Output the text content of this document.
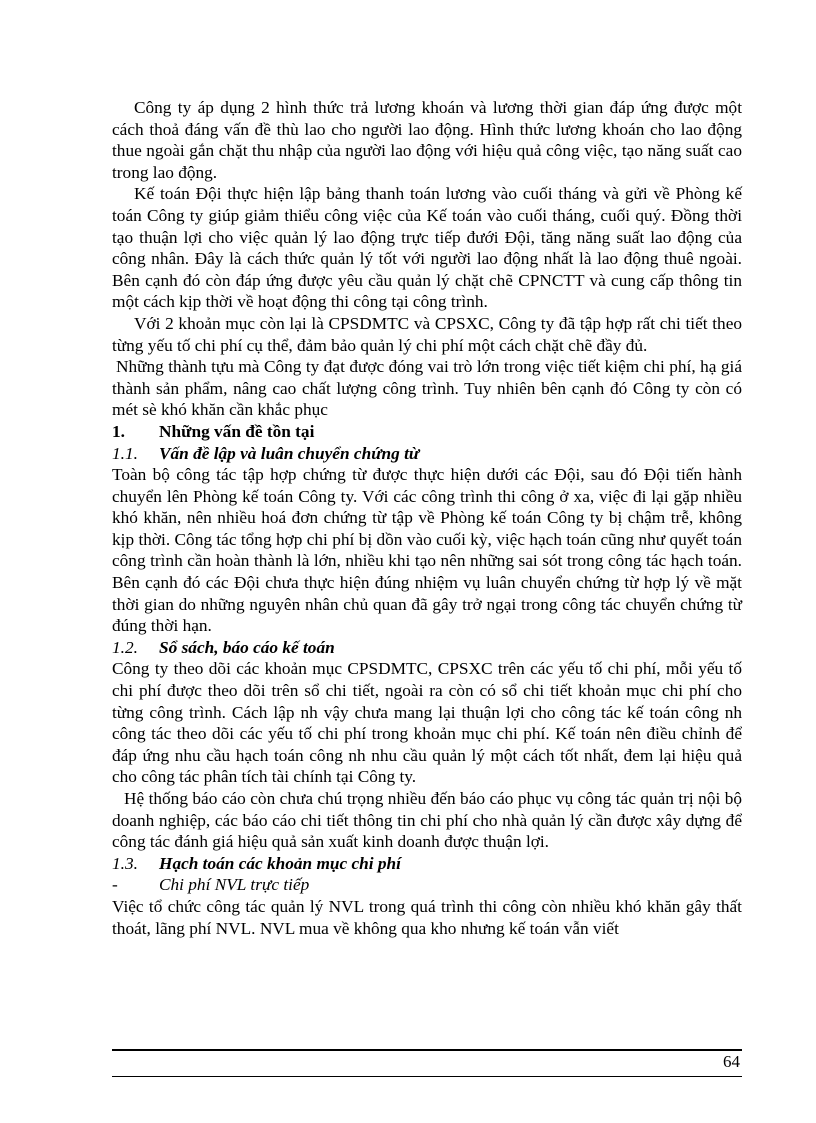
Công ty áp dụng 2 hình thức trả lương khoán và lương thời gian đáp ứng được một cách thoả đáng vấn đề thù lao cho người lao động. Hình thức lương khoán cho lao động thue ngoài gắn chặt thu nhập của người lao động với hiệu quả công việc, tạo năng suất cao trong lao động.

Kế toán Đội thực hiện lập bảng thanh toán lương vào cuối tháng và gửi về Phòng kế toán Công ty giúp giảm thiểu công việc của Kế toán vào cuối tháng, cuối quý. Đồng thời tạo thuận lợi cho việc quản lý lao động trực tiếp đưới Đội, tăng năng suất lao động của công nhân. Đây là cách thức quản lý tốt với người lao động nhất là lao động thuê ngoài. Bên cạnh đó còn đáp ứng được yêu cầu quản lý chặt chẽ CPNCTT và cung cấp thông tin một cách kịp thời về hoạt động thi công tại công trình.

Với 2 khoản mục còn lại là CPSDMTC và CPSXC, Công ty đã tập hợp rất chi tiết theo từng yếu tố chi phí cụ thể, đảm bảo quản lý chi phí một cách chặt chẽ đầy đủ.

Những thành tựu mà Công ty đạt được đóng vai trò lớn trong việc tiết kiệm chi phí, hạ giá thành sản phẩm, nâng cao chất lượng công trình. Tuy nhiên bên cạnh đó Công ty còn có mét sè khó khăn cần khắc phục

1.	Những vấn đề tồn tại

1.1.	Vấn đề lập và luân chuyển chứng từ

Toàn bộ công tác tập hợp chứng từ được thực hiện dưới các Đội, sau đó Đội tiến hành chuyển lên Phòng kế toán Công ty. Với các công trình thi công ở xa, việc đi lại gặp nhiều khó khăn, nên nhiều hoá đơn chứng từ tập về Phòng kế toán Công ty bị chậm trễ, không kịp thời. Công tác tổng hợp chi phí bị dồn vào cuối kỳ, việc hạch toán cũng như quyết toán công trình cần hoàn thành là lớn, nhiều khi tạo nên những sai sót trong công tác hạch toán. Bên cạnh đó các Đội chưa thực hiện đúng nhiệm vụ luân chuyển chứng từ hợp lý về mặt thời gian do những nguyên nhân chủ quan đã gây trở ngại trong công tác chuyển chứng từ đúng thời hạn.

1.2.	Sổ sách, báo cáo kế toán

Công ty theo dõi các khoản mục CPSDMTC, CPSXC trên các yếu tố chi phí, mỗi yếu tố chi phí được theo dõi trên sổ chi tiết, ngoài ra còn có sổ chi tiết khoản mục chi phí cho từng công trình. Cách lập nh vậy chưa mang lại thuận lợi cho công tác kế toán công nh công tác theo dõi các yếu tố chi phí trong khoản mục chi phí. Kế toán nên điều chỉnh để đáp ứng nhu cầu hạch toán công nh nhu cầu quản lý một cách tốt nhất, đem lại hiệu quả cho công tác phân tích tài chính tại Công ty.

Hệ thống báo cáo còn chưa chú trọng nhiều đến báo cáo phục vụ công tác quản trị nội bộ doanh nghiệp, các báo cáo chi tiết thông tin chi phí cho nhà quản lý cần được xây dựng để công tác đánh giá hiệu quả sản xuất kinh doanh được thuận lợi.

1.3.	Hạch toán các khoản mục chi phí

-	Chi phí NVL trực tiếp

Việc tổ chức công tác quản lý NVL trong quá trình thi công còn nhiều khó khăn gây thất thoát, lãng phí NVL. NVL mua về không qua kho nhưng kế toán vẫn viết

64
